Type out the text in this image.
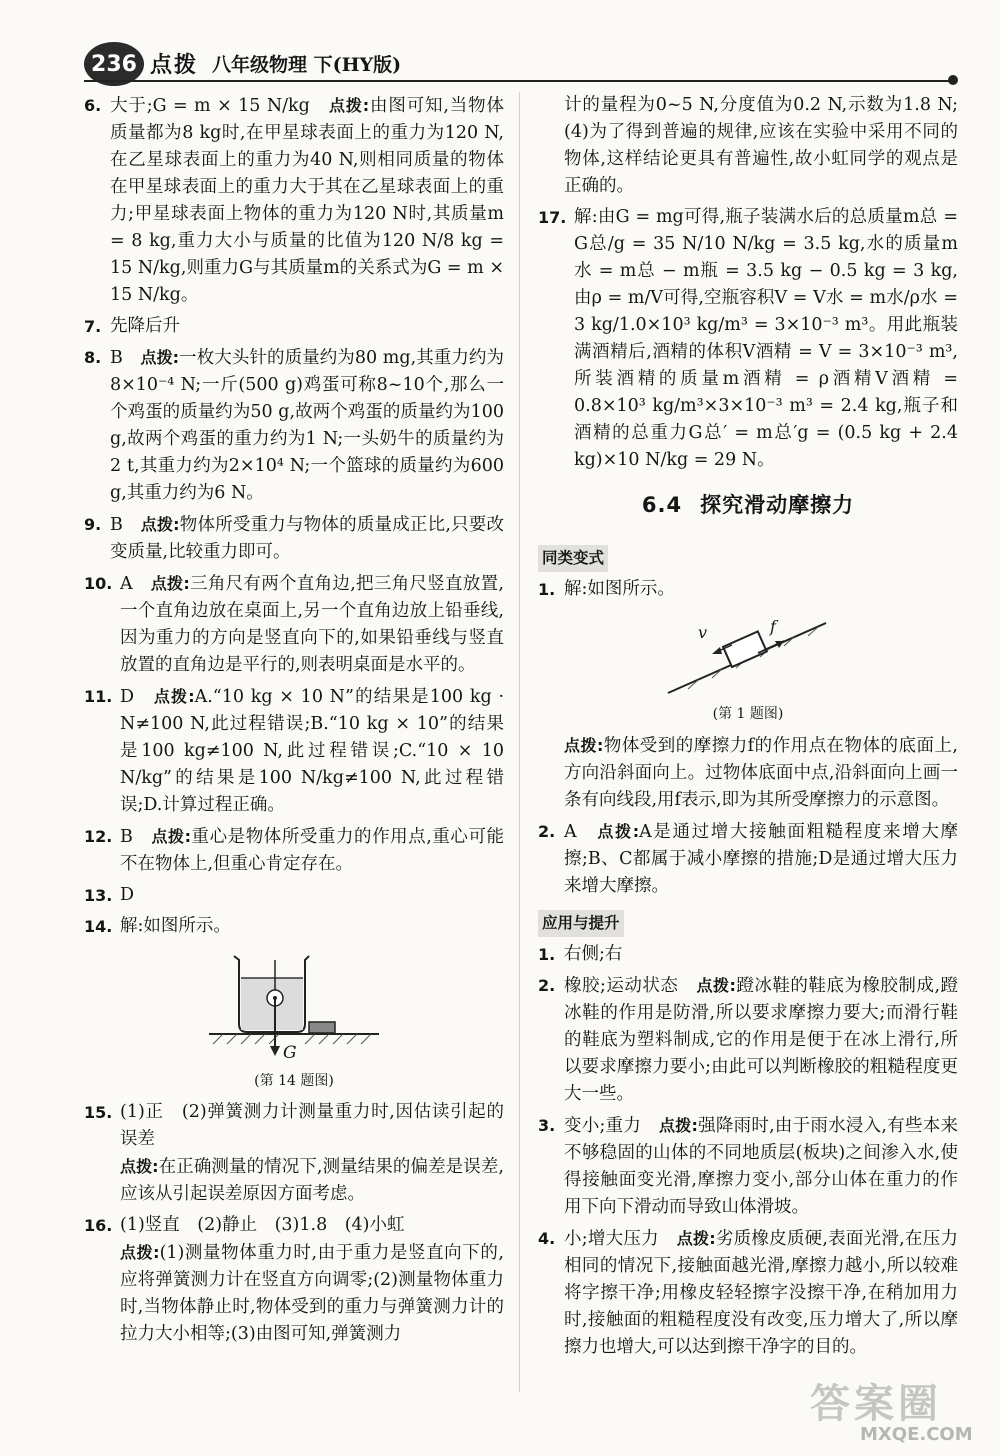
236 点拨 八年级物理 下(HY版)
6. 大于;G = m × 15 N/kg　 点拨:由图可知,当物体质量都为8 kg时,在甲星球表面上的重力为120 N,在乙星球表面上的重力为40 N,则相同质量的物体在甲星球表面上的重力大于其在乙星球表面上的重力;甲星球表面上物体的重力为120 N时,其质量m = 8 kg,重力大小与质量的比值为120 N/8 kg = 15 N/kg,则重力G与其质量m的关系式为G = m × 15 N/kg。
7. 先降后升
8. B　 点拨:一枚大头针的质量约为80 mg,其重力约为8×10⁻⁴ N;一斤(500 g)鸡蛋可称8~10个,那么一个鸡蛋的质量约为50 g,故两个鸡蛋的质量约为100 g,故两个鸡蛋的重力约为1 N;一头奶牛的质量约为2 t,其重力约为2×10⁴ N;一个篮球的质量约为600 g,其重力约为6 N。
9. B　 点拨:物体所受重力与物体的质量成正比,只要改变质量,比较重力即可。
10. A　 点拨:三角尺有两个直角边,把三角尺竖直放置,一个直角边放在桌面上,另一个直角边放上铅垂线,因为重力的方向是竖直向下的,如果铅垂线与竖直放置的直角边是平行的,则表明桌面是水平的。
11. D　 点拨:A.“10 kg × 10 N”的结果是100 kg · N≠100 N,此过程错误;B.“10 kg × 10”的结果是100 kg≠100 N,此过程错误;C.“10 × 10 N/kg”的结果是100 N/kg≠100 N,此过程错误;D.计算过程正确。
12. B　 点拨:重心是物体所受重力的作用点,重心可能不在物体上,但重心肯定存在。
13. D
14. 解:如图所示。
G
(第 14 题图)
15. (1)正　(2)弹簧测力计测量重力时,因估读引起的误差
点拨:在正确测量的情况下,测量结果的偏差是误差,应该从引起误差原因方面考虑。
16. (1)竖直　(2)静止　(3)1.8　(4)小虹
点拨:(1)测量物体重力时,由于重力是竖直向下的,应将弹簧测力计在竖直方向调零;(2)测量物体重力时,当物体静止时,物体受到的重力与弹簧测力计的拉力大小相等;(3)由图可知,弹簧测力
计的量程为0~5 N,分度值为0.2 N,示数为1.8 N;(4)为了得到普遍的规律,应该在实验中采用不同的物体,这样结论更具有普遍性,故小虹同学的观点是正确的。
17. 解:由G = mg可得,瓶子装满水后的总质量m总 = G总/g = 35 N/10 N/kg = 3.5 kg,水的质量m水 = m总 − m瓶 = 3.5 kg − 0.5 kg = 3 kg,由ρ = m/V可得,空瓶容积V = V水 = m水/ρ水 = 3 kg/1.0×10³ kg/m³ = 3×10⁻³ m³。用此瓶装满酒精后,酒精的体积V酒精 = V = 3×10⁻³ m³,所装酒精的质量m酒精 = ρ酒精V酒精 = 0.8×10³ kg/m³×3×10⁻³ m³ = 2.4 kg,瓶子和酒精的总重力G总′ = m总′g = (0.5 kg + 2.4 kg)×10 N/kg = 29 N。
6.4 探究滑动摩擦力
同类变式
1. 解:如图所示。
v	f
(第 1 题图)
点拨:物体受到的摩擦力f的作用点在物体的底面上,方向沿斜面向上。过物体底面中点,沿斜面向上画一条有向线段,用f表示,即为其所受摩擦力的示意图。
2. A　 点拨:A是通过增大接触面粗糙程度来增大摩擦;B、C都属于减小摩擦的措施;D是通过增大压力来增大摩擦。
应用与提升
1. 右侧;右
2. 橡胶;运动状态　 点拨:蹬冰鞋的鞋底为橡胶制成,蹬冰鞋的作用是防滑,所以要求摩擦力要大;而滑行鞋的鞋底为塑料制成,它的作用是便于在冰上滑行,所以要求摩擦力要小;由此可以判断橡胶的粗糙程度更大一些。
3. 变小;重力　 点拨:强降雨时,由于雨水浸入,有些本来不够稳固的山体的不同地质层(板块)之间渗入水,使得接触面变光滑,摩擦力变小,部分山体在重力的作用下向下滑动而导致山体滑坡。
4. 小;增大压力　 点拨:劣质橡皮质硬,表面光滑,在压力相同的情况下,接触面越光滑,摩擦力越小,所以较难将字擦干净;用橡皮轻轻擦字没擦干净,在稍加用力时,接触面的粗糙程度没有改变,压力增大了,所以摩擦力也增大,可以达到擦干净字的目的。
答案圈
MXQE.COM
